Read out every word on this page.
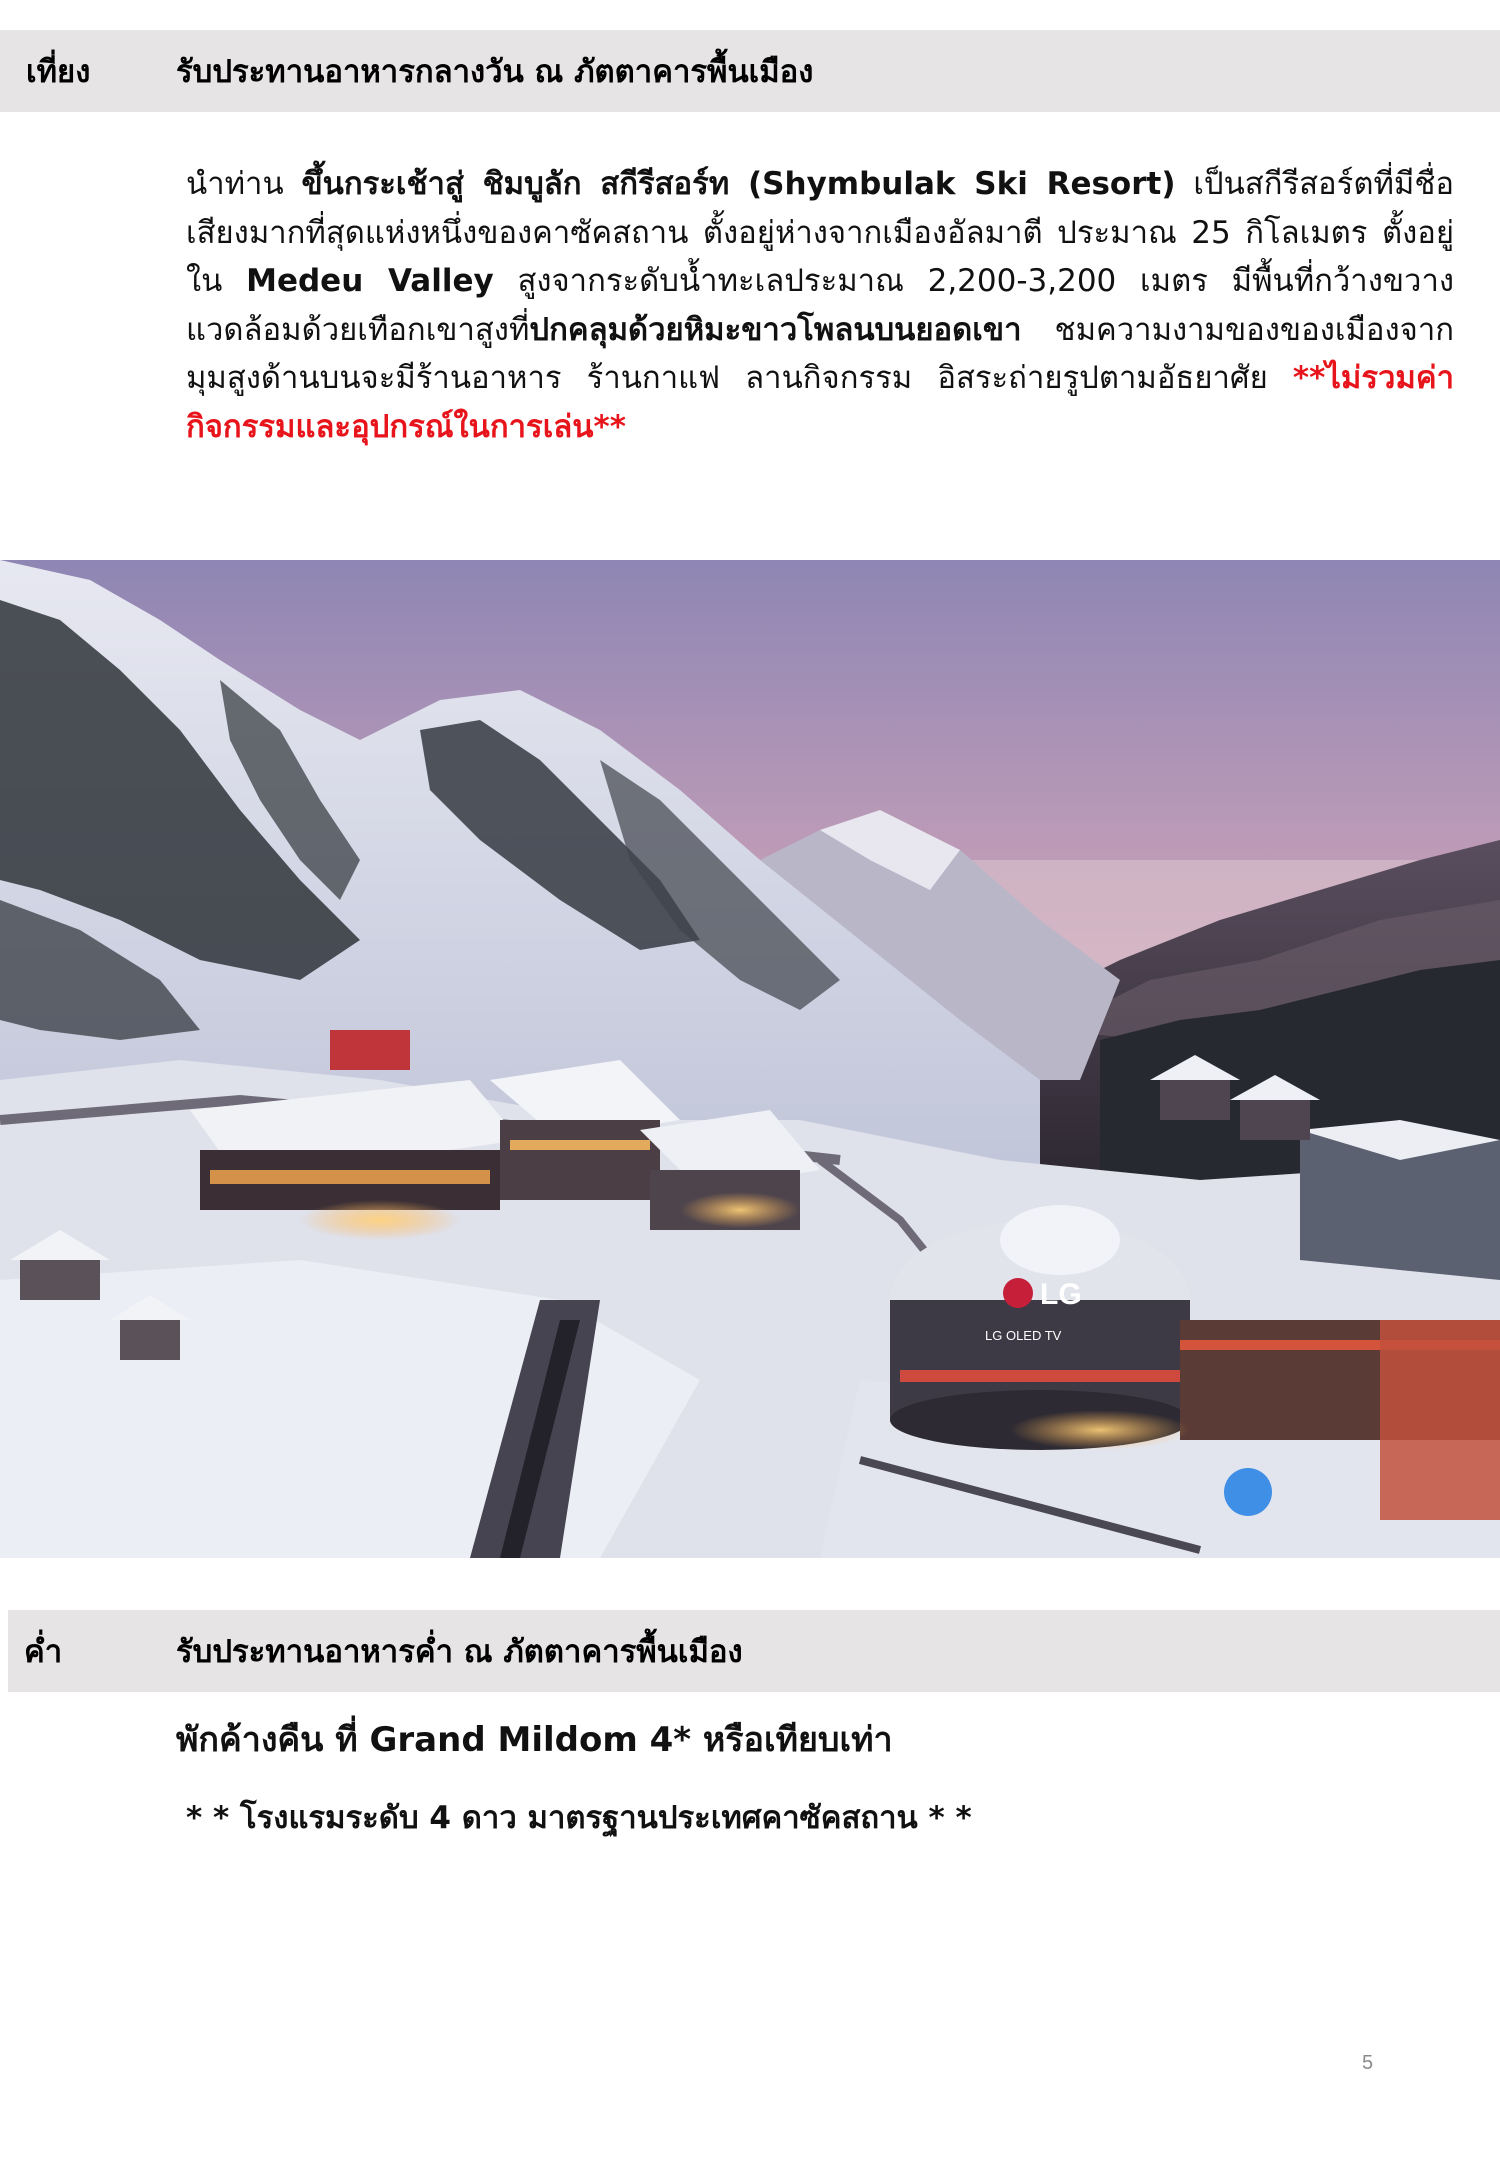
เที่ยง	รับประทานอาหารกลางวัน ณ ภัตตาคารพื้นเมือง
นำท่าน ขึ้นกระเช้าสู่ ชิมบูลัก สกีรีสอร์ท (Shymbulak Ski Resort) เป็นสกีรีสอร์ตที่มีชื่อเสียงมากที่สุดแห่งหนึ่งของคาซัคสถาน ตั้งอยู่ห่างจากเมืองอัลมาตี ประมาณ 25 กิโลเมตร ตั้งอยู่ใน Medeu Valley สูงจากระดับน้ำทะเลประมาณ 2,200-3,200 เมตร มีพื้นที่กว้างขวาง แวดล้อมด้วยเทือกเขาสูงที่ปกคลุมด้วยหิมะขาวโพลนบนยอดเขา ชมความงามของของเมืองจากมุมสูงด้านบนจะมีร้านอาหาร ร้านกาแฟ ลานกิจกรรม อิสระถ่ายรูปตามอัธยาศัย **ไม่รวมค่ากิจกรรมและอุปกรณ์ในการเล่น**
LG
LG OLED TV
ค่ำ	รับประทานอาหารค่ำ ณ ภัตตาคารพื้นเมือง
พักค้างคืน ที่ Grand Mildom 4* หรือเทียบเท่า
* * โรงแรมระดับ 4 ดาว มาตรฐานประเทศคาซัคสถาน * *
5
